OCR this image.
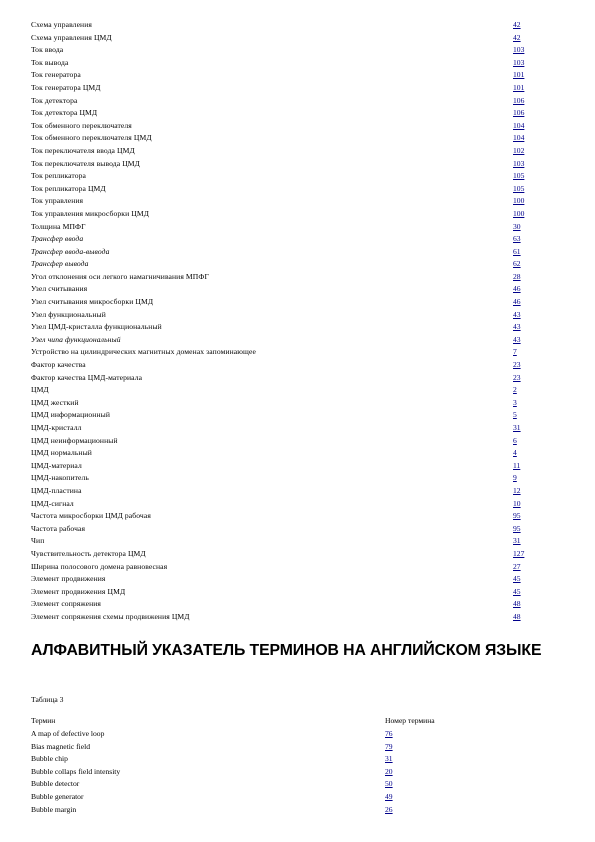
Схема управления	42
Схема управления ЦМД	42
Ток ввода	103
Ток вывода	103
Ток генератора	101
Ток генератора ЦМД	101
Ток детектора	106
Ток детектора ЦМД	106
Ток обменного переключателя	104
Ток обменного переключателя ЦМД	104
Ток переключателя ввода ЦМД	102
Ток переключателя вывода ЦМД	103
Ток репликатора	105
Ток репликатора ЦМД	105
Ток управления	100
Ток управления микросборки ЦМД	100
Толщина МПФГ	30
Трансфер ввода	63
Трансфер ввода-вывода	61
Трансфер вывода	62
Угол отклонения оси легкого намагничивания МПФГ	28
Узел считывания	46
Узел считывания микросборки ЦМД	46
Узел функциональный	43
Узел ЦМД-кристалла функциональный	43
Узел чипа функциональный	43
Устройство на цилиндрических магнитных доменах запоминающее	7
Фактор качества	23
Фактор качества ЦМД-материала	23
ЦМД	2
ЦМД жесткий	3
ЦМД информационный	5
ЦМД-кристалл	31
ЦМД неинформационный	6
ЦМД нормальный	4
ЦМД-материал	11
ЦМД-накопитель	9
ЦМД-пластина	12
ЦМД-сигнал	10
Частота микросборки ЦМД рабочая	95
Частота рабочая	95
Чип	31
Чувствительность детектора ЦМД	127
Ширина полосового домена равновесная	27
Элемент продвижения	45
Элемент продвижения ЦМД	45
Элемент сопряжения	48
Элемент сопряжения схемы продвижения ЦМД	48
АЛФАВИТНЫЙ УКАЗАТЕЛЬ ТЕРМИНОВ НА АНГЛИЙСКОМ ЯЗЫКЕ
Таблица 3
Термин	Номер термина
A map of defective loop	76
Bias magnetic field	79
Bubble chip	31
Bubble collaps field intensity	20
Bubble detector	50
Bubble generator	49
Bubble margin	26
